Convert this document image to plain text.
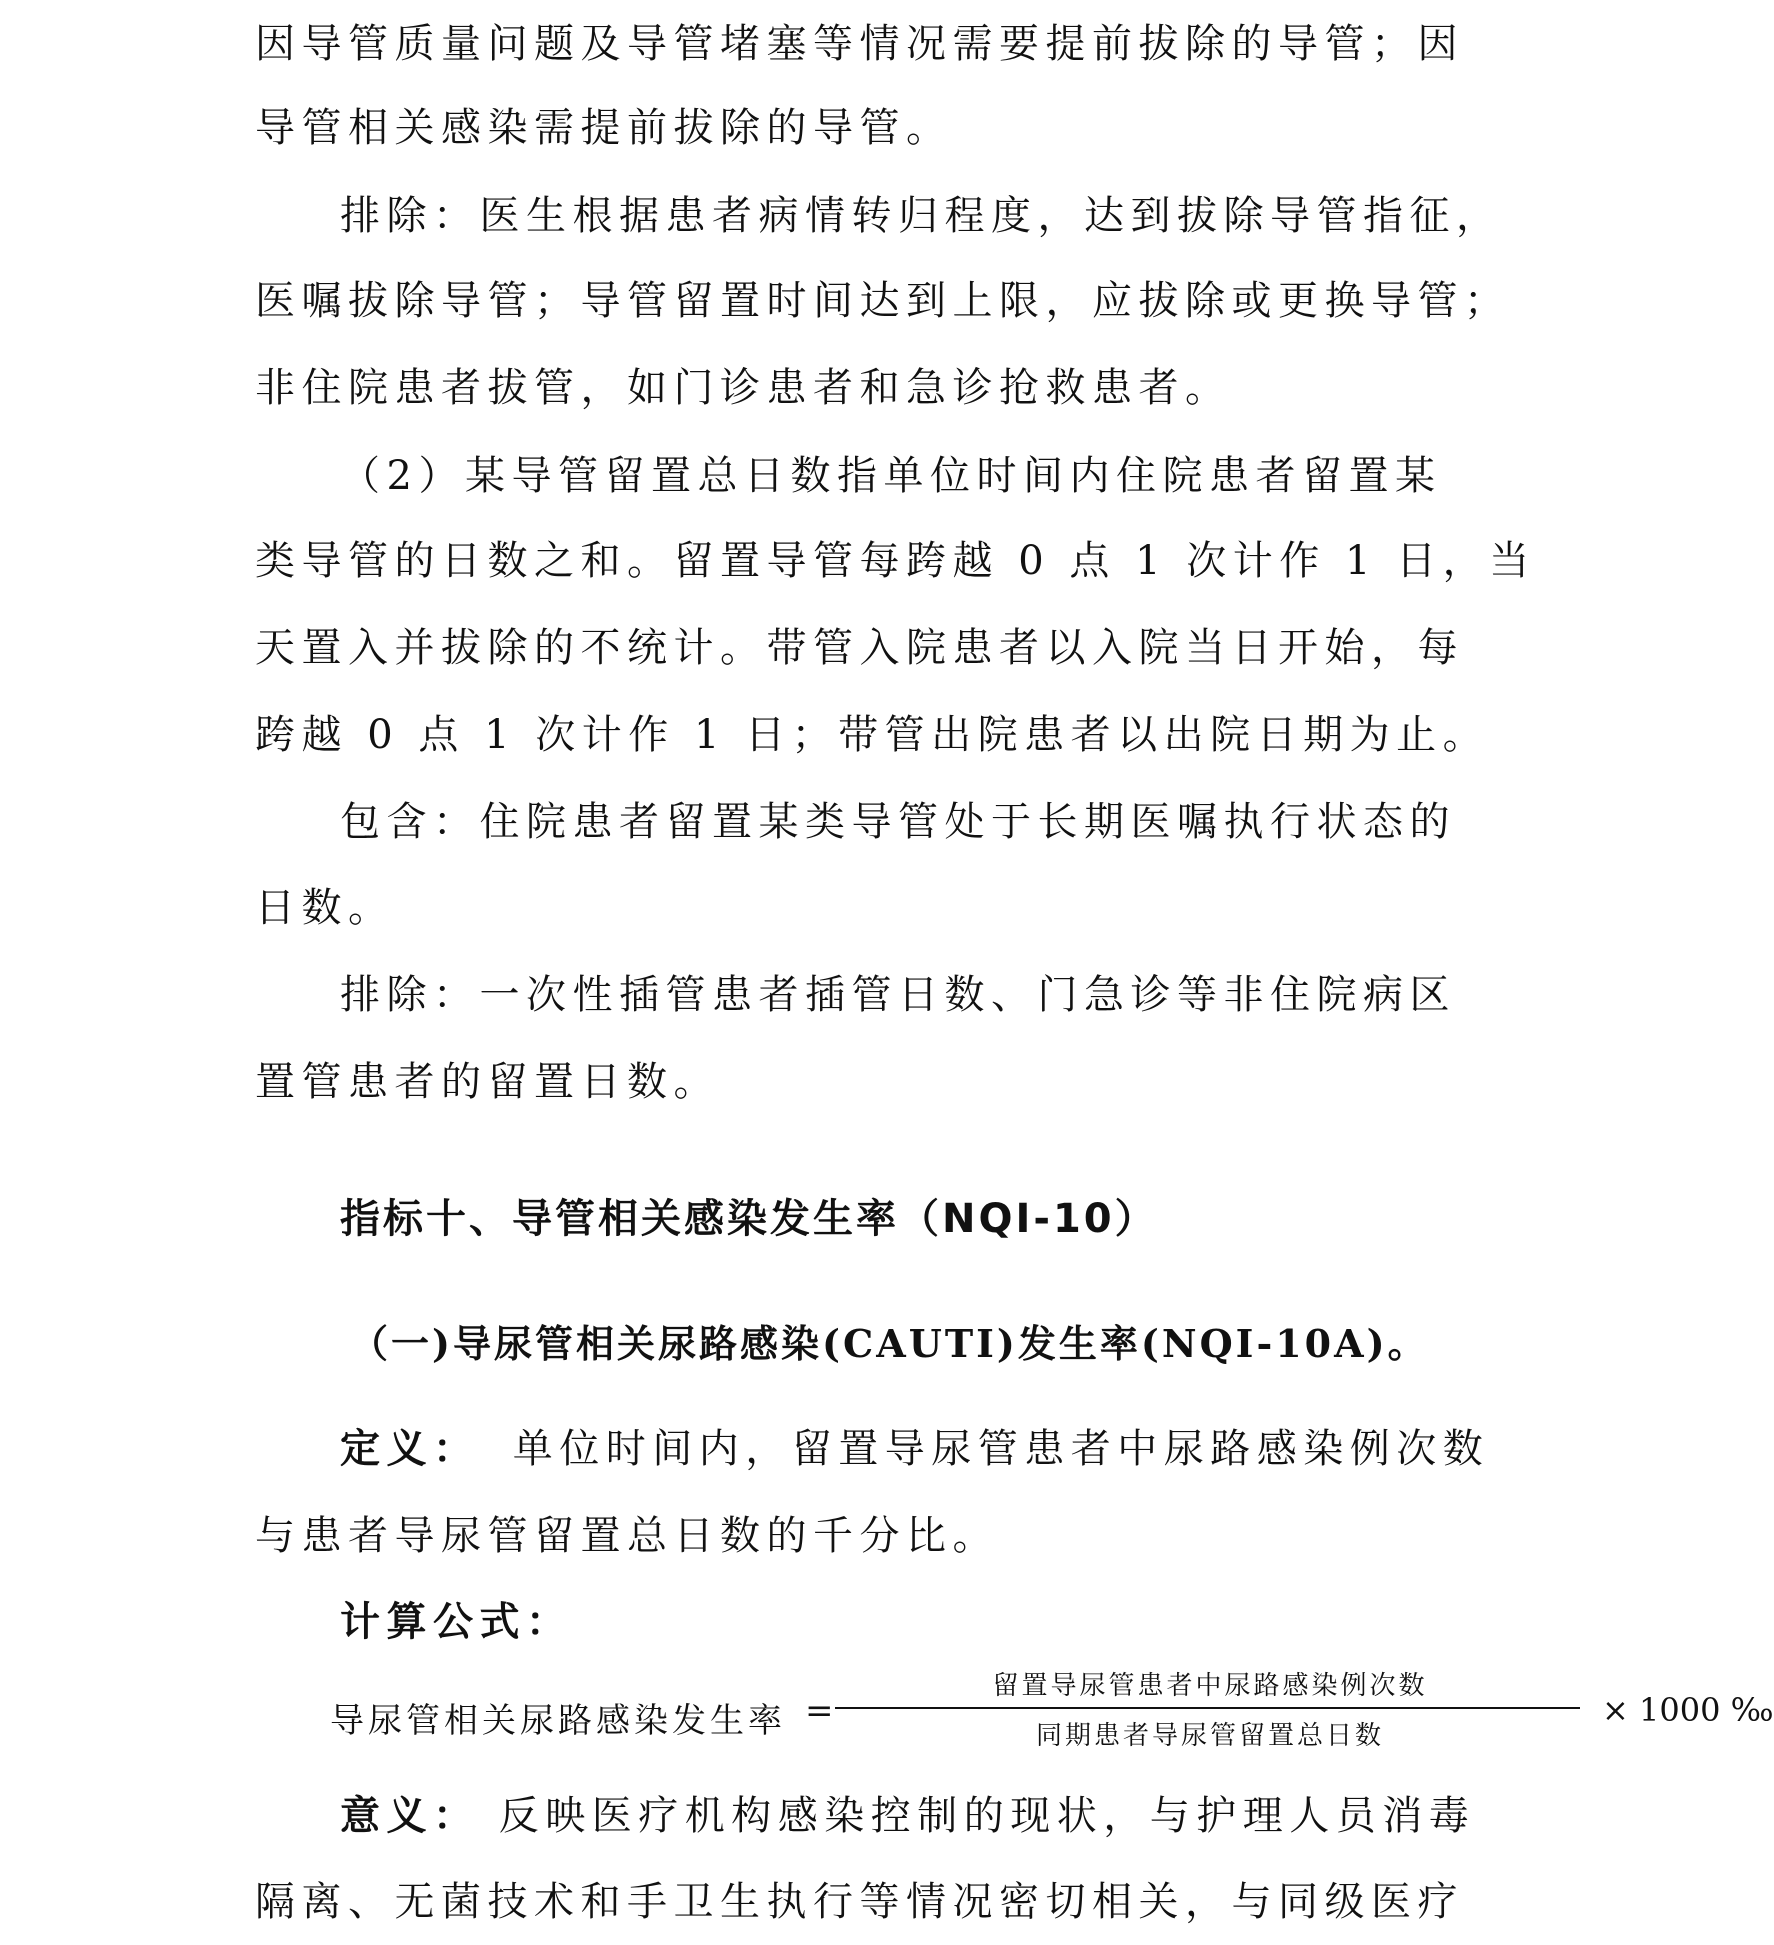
因导管质量问题及导管堵塞等情况需要提前拔除的导管；因
导管相关感染需提前拔除的导管。
排除：医生根据患者病情转归程度，达到拔除导管指征，
医嘱拔除导管；导管留置时间达到上限，应拔除或更换导管；
非住院患者拔管，如门诊患者和急诊抢救患者。
（2）某导管留置总日数指单位时间内住院患者留置某
类导管的日数之和。留置导管每跨越 0 点 1 次计作 1 日，当
天置入并拔除的不统计。带管入院患者以入院当日开始，每
跨越 0 点 1 次计作 1 日；带管出院患者以出院日期为止。
包含：住院患者留置某类导管处于长期医嘱执行状态的
日数。
排除：一次性插管患者插管日数、门急诊等非住院病区
置管患者的留置日数。
指标十、导管相关感染发生率（NQI-10）
（一)导尿管相关尿路感染(CAUTI)发生率(NQI-10A)。
定义： 单位时间内，留置导尿管患者中尿路感染例次数
与患者导尿管留置总日数的千分比。
计算公式：
导尿管相关尿路感染发生率 =
留置导尿管患者中尿路感染例次数
同期患者导尿管留置总日数
× 1000 ‰
意义： 反映医疗机构感染控制的现状，与护理人员消毒
隔离、无菌技术和手卫生执行等情况密切相关，与同级医疗
